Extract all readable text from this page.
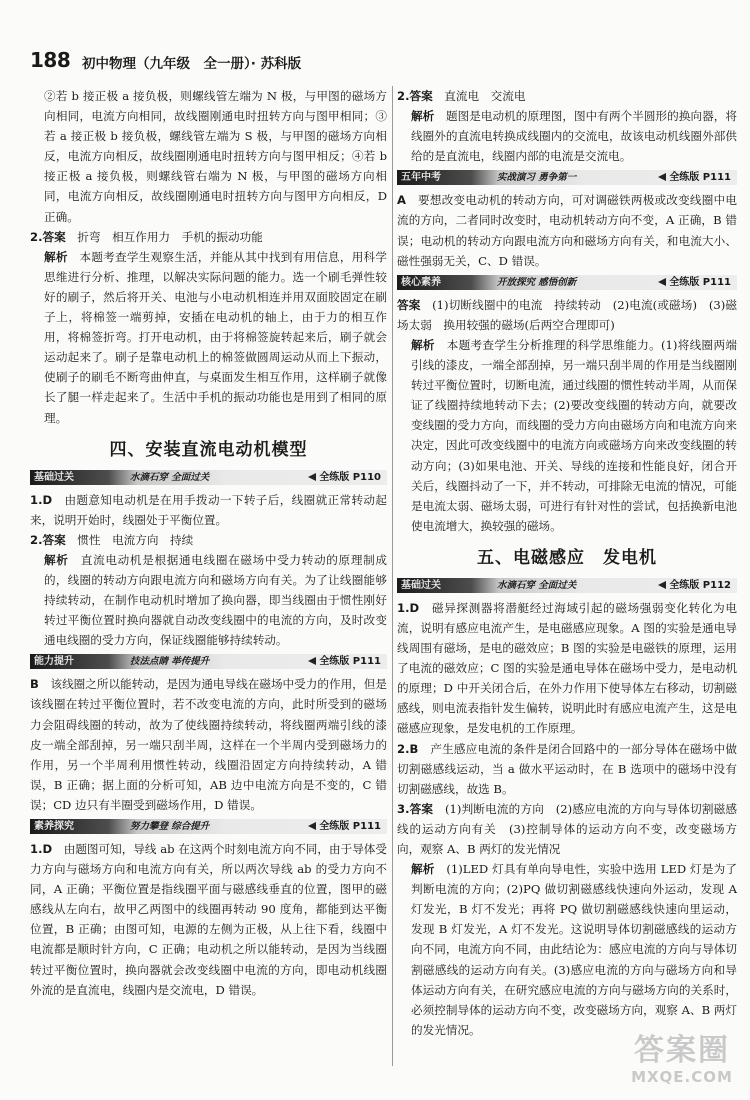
188 初中物理（九年级　全一册）· 苏科版

②若 b 接正极 a 接负极，则螺线管左端为 N 极，与甲图的磁场方向相同，电流方向相同，故线圈刚通电时扭转方向与图甲相同；③若 a 接正极 b 接负极，螺线管左端为 S 极，与甲图的磁场方向相反，电流方向相反，故线圈刚通电时扭转方向与图甲相反；④若 b 接正极 a 接负极，则螺线管右端为 N 极，与甲图的磁场方向相同，电流方向相反，故线圈刚通电时扭转方向与图甲方向相反，D 正确。

2.答案　 折弯　相互作用力　手机的振动功能

解析　 本题考查学生观察生活，并能从其中找到有用信息，用科学思维进行分析、推理，以解决实际问题的能力。选一个刷毛弹性较好的刷子，然后将开关、电池与小电动机相连并用双面胶固定在刷子上，将棉签一端剪掉，安插在电动机的轴上，由于力的相互作用，将棉签折弯。打开电动机，由于将棉签旋转起来后，刷子就会运动起来了。刷子是靠电动机上的棉签做圆周运动从而上下振动，使刷子的刷毛不断弯曲伸直，与桌面发生相互作用，这样刷子就像长了腿一样走起来了。生活中手机的振动功能也是用到了相同的原理。

四、安装直流电动机模型
基础过关	水滴石穿 全面过关	全练版 P110

1.D　 由题意知电动机是在用手拨动一下转子后，线圈就正常转动起来，说明开始时，线圈处于平衡位置。

2.答案　 惯性　电流方向　持续

解析　 直流电动机是根据通电线圈在磁场中受力转动的原理制成的，线圈的转动方向跟电流方向和磁场方向有关。为了让线圈能够持续转动，在制作电动机时增加了换向器，即当线圈由于惯性刚好转过平衡位置时换向器就自动改变线圈中的电流的方向，及时改变通电线圈的受力方向，保证线圈能够持续转动。

能力提升	技法点睛 举传提升	全练版 P111

B　 该线圈之所以能转动，是因为通电导线在磁场中受力的作用，但是该线圈在转过平衡位置时，若不改变电流的方向，此时所受到的磁场力会阻碍线圈的转动，故为了使线圈持续转动，将线圈两端引线的漆皮一端全部刮掉，另一端只刮半周，这样在一个半周内受到磁场力的作用，另一个半周利用惯性转动，线圈沿固定方向持续转动，A 错误，B 正确；据上面的分析可知，AB 边中电流方向是不变的，C 错误；CD 边只有半圈受到磁场作用，D 错误。

素养探究	努力攀登 综合提升	全练版 P111

1.D　 由题图可知，导线 ab 在这两个时刻电流方向不同，由于导体受力方向与磁场方向和电流方向有关，所以两次导线 ab 的受力方向不同，A 正确；平衡位置是指线圈平面与磁感线垂直的位置，图甲的磁感线从左向右，故甲乙两图中的线圈再转动 90 度角，都能到达平衡位置，B 正确；由图可知，电源的左侧为正极，从上往下看，线圈中电流都是顺时针方向，C 正确；电动机之所以能转动，是因为当线圈转过平衡位置时，换向器就会改变线圈中电流的方向，即电动机线圈外流的是直流电，线圈内是交流电，D 错误。

2.答案　 直流电　交流电

解析　 题图是电动机的原理图，图中有两个半圆形的换向器，将线圈外的直流电转换成线圈内的交流电，故该电动机线圈外部供给的是直流电，线圈内部的电流是交流电。

五年中考	实战演习 勇争第一	全练版 P111

A　 要想改变电动机的转动方向，可对调磁铁两极或改变线圈中电流的方向，二者同时改变时，电动机转动方向不变，A 正确，B 错误；电动机的转动方向跟电流方向和磁场方向有关，和电流大小、磁性强弱无关，C、D 错误。

核心素养	开放探究 感悟创新	全练版 P111

答案　 (1)切断线圈中的电流　持续转动　(2)电流(或磁场)　(3)磁场太弱　换用较强的磁场(后两空合理即可)

解析　 本题考查学生分析推理的科学思维能力。(1)将线圈两端引线的漆皮，一端全部刮掉，另一端只刮半周的作用是当线圈刚转过平衡位置时，切断电流，通过线圈的惯性转动半周，从而保证了线圈持续地转动下去；(2)要改变线圈的转动方向，就要改变线圈的受力方向，而线圈的受力方向由磁场方向和电流方向来决定，因此可改变线圈中的电流方向或磁场方向来改变线圈的转动方向；(3)如果电池、开关、导线的连接和性能良好，闭合开关后，线圈抖动了一下，并不转动，可排除无电流的情况，可能是电流太弱、磁场太弱，可进行有针对性的尝试，包括换新电池使电流增大，换较强的磁场。

五、电磁感应　发电机
基础过关	水滴石穿 全面过关	全练版 P112

1.D　 磁异探测器将潜艇经过海域引起的磁场强弱变化转化为电流，说明有感应电流产生，是电磁感应现象。A 图的实验是通电导线周围有磁场，是电的磁效应；B 图的实验是电磁铁的原理，运用了电流的磁效应；C 图的实验是通电导体在磁场中受力，是电动机的原理；D 中开关闭合后，在外力作用下使导体左右移动，切割磁感线，则电流表指针发生偏转，说明此时有感应电流产生，这是电磁感应现象，是发电机的工作原理。

2.B　 产生感应电流的条件是闭合回路中的一部分导体在磁场中做切割磁感线运动，当 a 做水平运动时，在 B 选项中的磁场中没有切割磁感线，故选 B。

3.答案　 (1)判断电流的方向　(2)感应电流的方向与导体切割磁感线的运动方向有关　(3)控制导体的运动方向不变，改变磁场方向，观察 A、B 两灯的发光情况

解析　 (1)LED 灯具有单向导电性，实验中选用 LED 灯是为了判断电流的方向；(2)PQ 做切割磁感线快速向外运动，发现 A 灯发光，B 灯不发光；再将 PQ 做切割磁感线快速向里运动，发现 B 灯发光，A 灯不发光。这说明导体切割磁感线的运动方向不同，电流方向不同，由此结论为：感应电流的方向与导体切割磁感线的运动方向有关。(3)感应电流的方向与磁场方向和导体运动方向有关，在研究感应电流的方向与磁场方向的关系时，必须控制导体的运动方向不变，改变磁场方向，观察 A、B 两灯的发光情况。

答案圈
MXQE.COM
